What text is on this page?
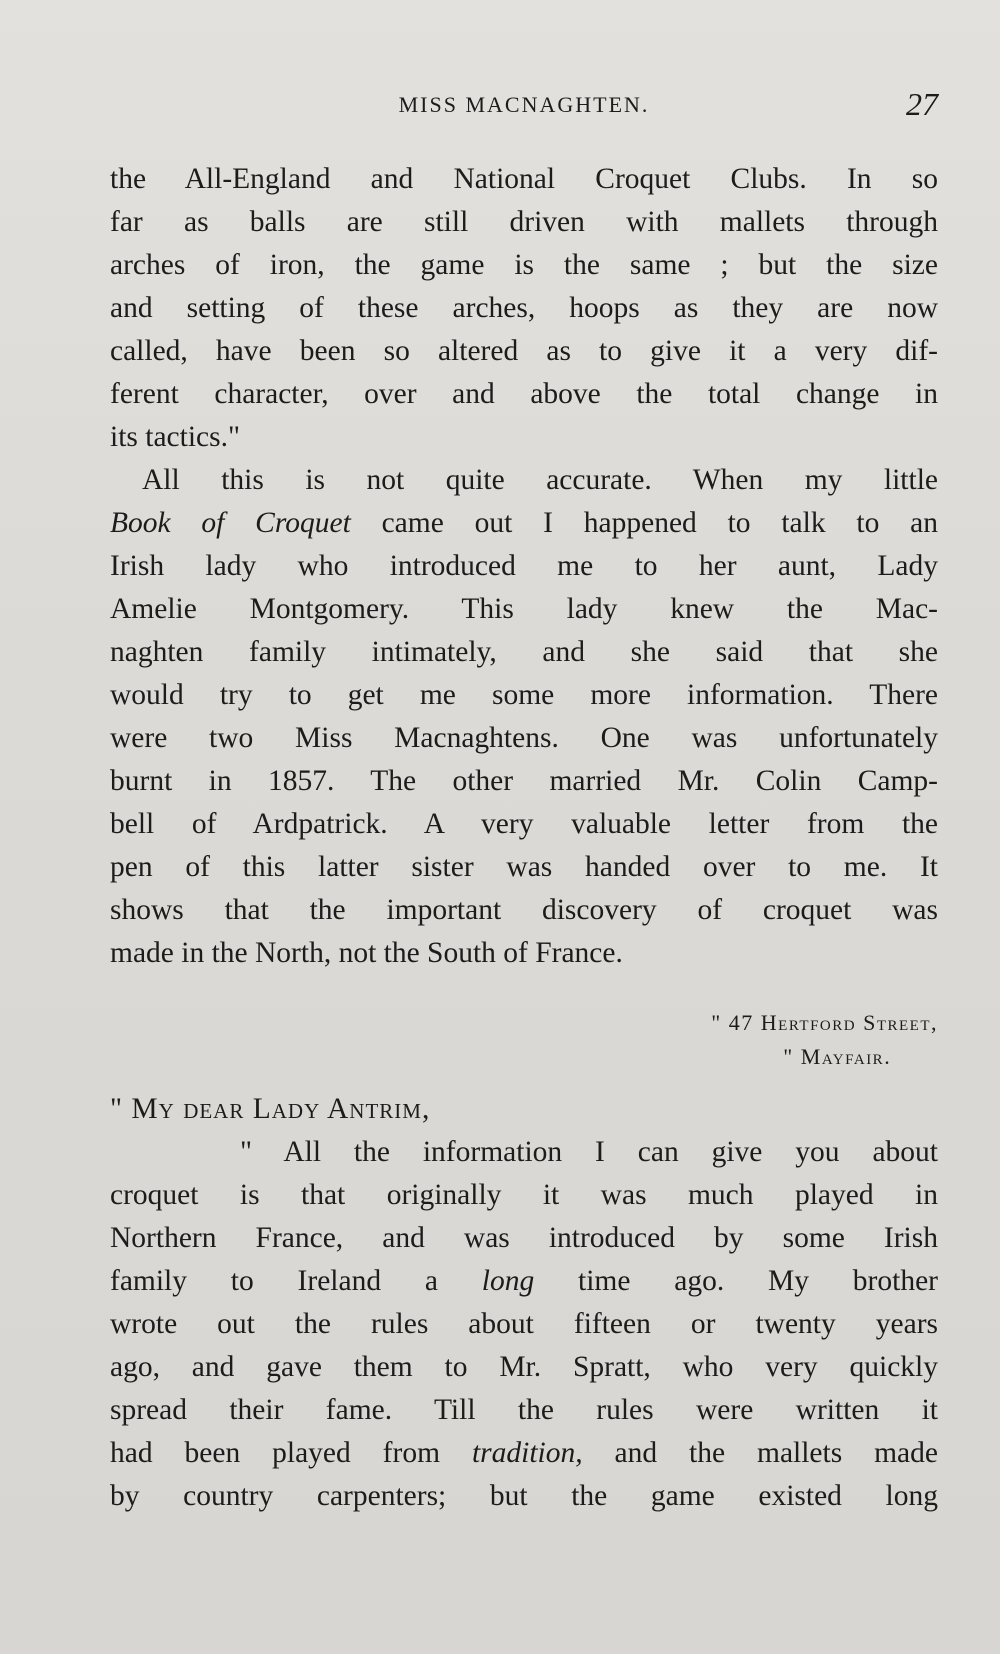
MISS MACNAGHTEN.	27
the All-England and National Croquet Clubs. In so
far as balls are still driven with mallets through
arches of iron, the game is the same ; but the size
and setting of these arches, hoops as they are now
called, have been so altered as to give it a very dif-
ferent character, over and above the total change in
its tactics."
All this is not quite accurate. When my little
Book of Croquet came out I happened to talk to an
Irish lady who introduced me to her aunt, Lady
Amelie Montgomery. This lady knew the Mac-
naghten family intimately, and she said that she
would try to get me some more information. There
were two Miss Macnaghtens. One was unfortunately
burnt in 1857. The other married Mr. Colin Camp-
bell of Ardpatrick. A very valuable letter from the
pen of this latter sister was handed over to me. It
shows that the important discovery of croquet was
made in the North, not the South of France.
" 47 Hertford Street,
" Mayfair.
" My dear Lady Antrim,
" All the information I can give you about
croquet is that originally it was much played in
Northern France, and was introduced by some Irish
family to Ireland a long time ago. My brother
wrote out the rules about fifteen or twenty years
ago, and gave them to Mr. Spratt, who very quickly
spread their fame. Till the rules were written it
had been played from tradition, and the mallets made
by country carpenters; but the game existed long
